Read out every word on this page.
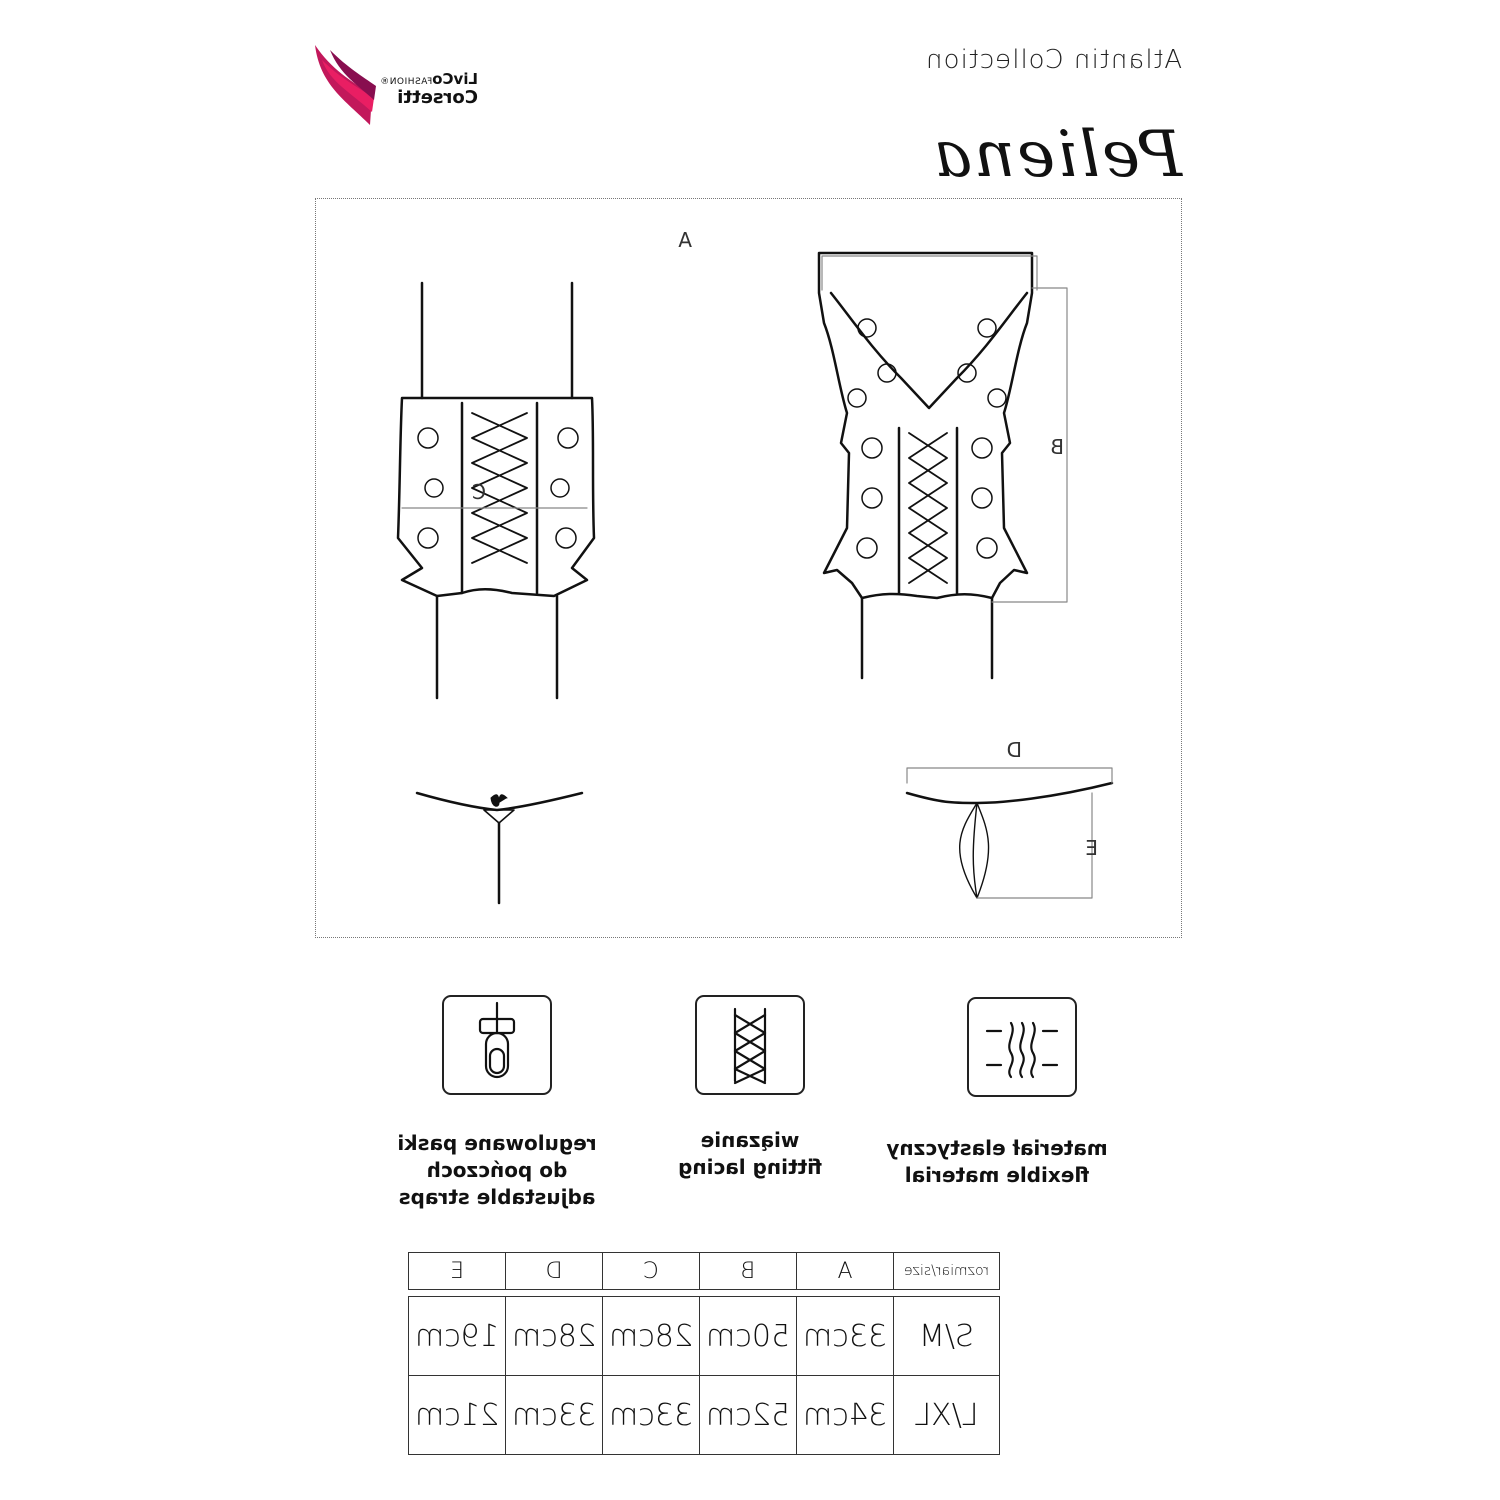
Atlantin Collection
Peliena
LivCoFASHION®
Corsetti
A
B
C
D
E
materiał elastyczny
flexible material
wiązanie
fitting lacing
regulowane paski
do pończoch
adjustable straps
rozmiar/size	A	B	C	D	E

S/M	33cm	50cm	28cm	28cm	19cm
L/XL	34cm	52cm	33cm	33cm	21cm
